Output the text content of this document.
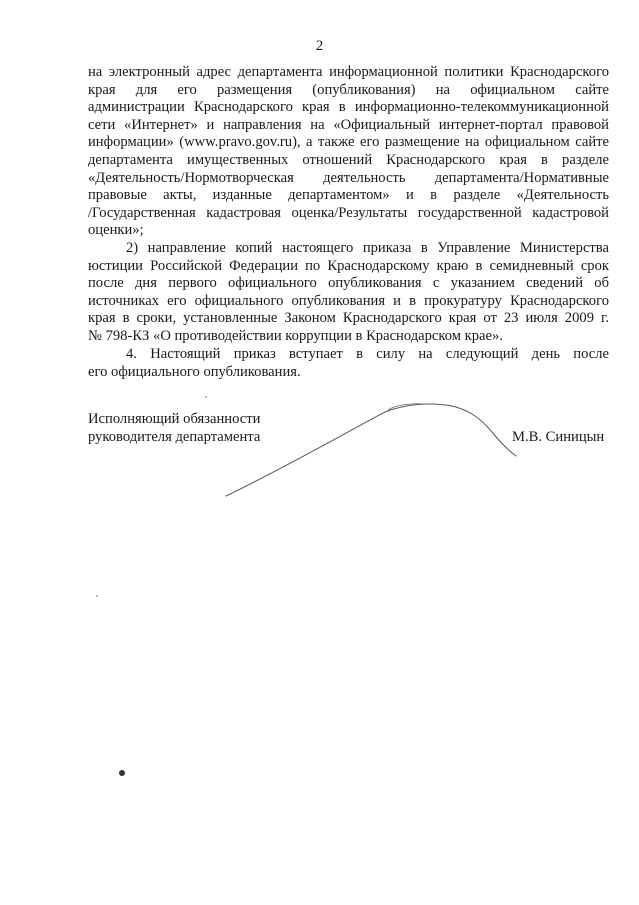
2

на электронный адрес департамента информационной политики Краснодарского
края для его размещения (опубликования) на официальном сайте
администрации Краснодарского края в информационно-телекоммуникационной
сети «Интернет» и направления на «Официальный интернет-портал правовой
информации» (www.pravo.gov.ru), а также его размещение на официальном сайте
департамента имущественных отношений Краснодарского края в разделе
«Деятельность/Нормотворческая деятельность департамента/Нормативные
правовые акты, изданные департаментом» и в разделе «Деятельность
/Государственная кадастровая оценка/Результаты государственной кадастровой
оценки»;

2) направление копий настоящего приказа в Управление Министерства
юстиции Российской Федерации по Краснодарскому краю в семидневный срок
после дня первого официального опубликования с указанием сведений об
источниках его официального опубликования и в прокуратуру Краснодарского
края в сроки, установленные Законом Краснодарского края от 23 июля 2009 г.
№ 798-КЗ «О противодействии коррупции в Краснодарском крае».

4. Настоящий приказ вступает в силу на следующий день после
его официального опубликования.

Исполняющий обязанности
руководителя департамента	М.В. Синицын
